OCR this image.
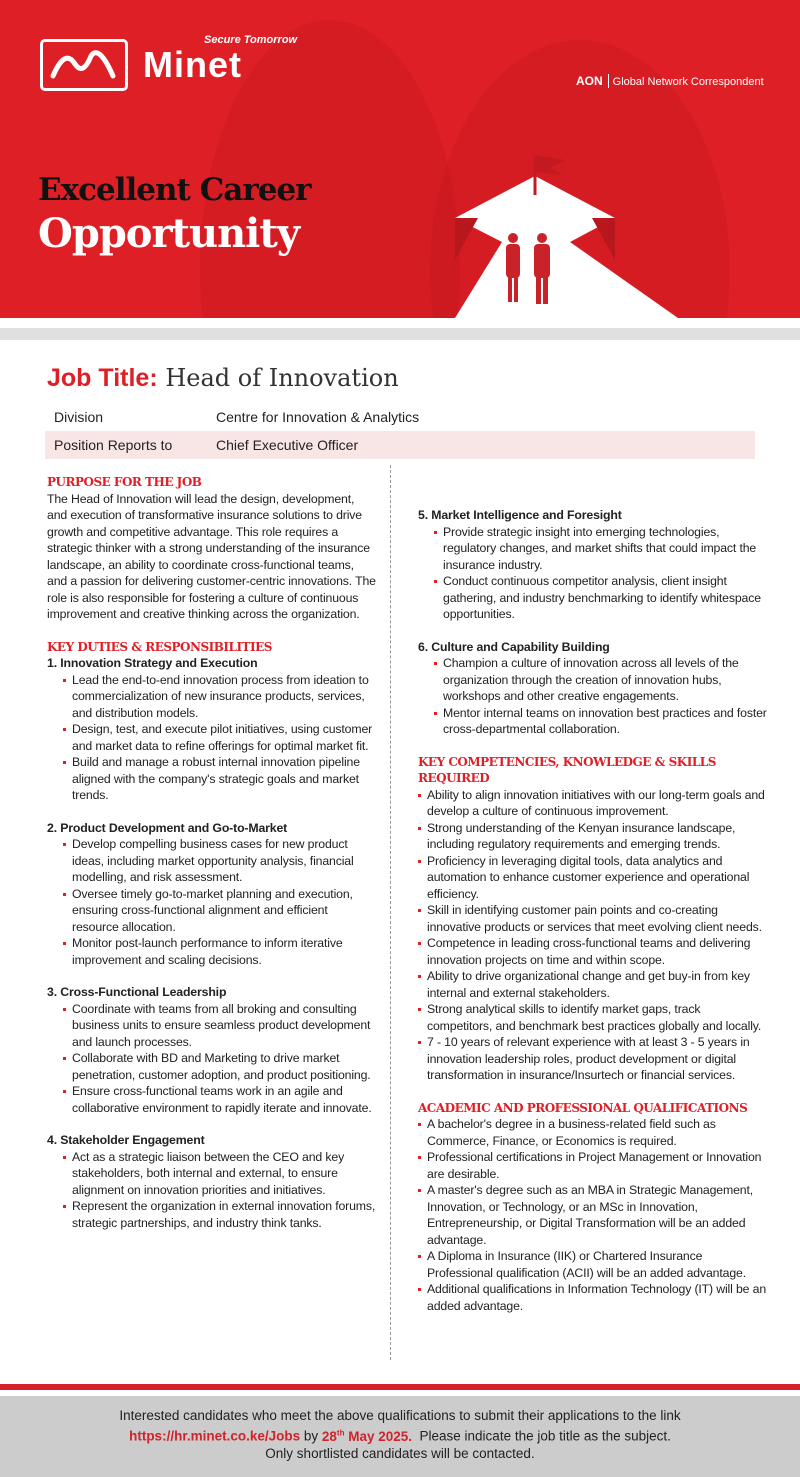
Secure Tomorrow
Minet	AON Global Network Correspondent
Excellent Career
Opportunity
Job Title: Head of Innovation
Division	Centre for Innovation & Analytics
Position Reports to	Chief Executive Officer
PURPOSE FOR THE JOB

The Head of Innovation will lead the design, development, and execution of transformative insurance solutions to drive growth and competitive advantage. This role requires a strategic thinker with a strong understanding of the insurance landscape, an ability to coordinate cross-functional teams, and a passion for delivering customer-centric innovations. The role is also responsible for fostering a culture of continuous improvement and creative thinking across the organization.

KEY DUTIES & RESPONSIBILITIES
1. Innovation Strategy and Execution
Lead the end-to-end innovation process from ideation to commercialization of new insurance products, services, and distribution models.
Design, test, and execute pilot initiatives, using customer and market data to refine offerings for optimal market fit.
Build and manage a robust internal innovation pipeline aligned with the company's strategic goals and market trends.
2. Product Development and Go-to-Market
Develop compelling business cases for new product ideas, including market opportunity analysis, financial modelling, and risk assessment.
Oversee timely go-to-market planning and execution, ensuring cross-functional alignment and efficient resource allocation.
Monitor post-launch performance to inform iterative improvement and scaling decisions.
3. Cross-Functional Leadership
Coordinate with teams from all broking and consulting business units to ensure seamless product development and launch processes.
Collaborate with BD and Marketing to drive market penetration, customer adoption, and product positioning.
Ensure cross-functional teams work in an agile and collaborative environment to rapidly iterate and innovate.
4. Stakeholder Engagement
Act as a strategic liaison between the CEO and key stakeholders, both internal and external, to ensure alignment on innovation priorities and initiatives.
Represent the organization in external innovation forums, strategic partnerships, and industry think tanks.
5. Market Intelligence and Foresight
Provide strategic insight into emerging technologies, regulatory changes, and market shifts that could impact the insurance industry.
Conduct continuous competitor analysis, client insight gathering, and industry benchmarking to identify whitespace opportunities.
6. Culture and Capability Building
Champion a culture of innovation across all levels of the organization through the creation of innovation hubs, workshops and other creative engagements.
Mentor internal teams on innovation best practices and foster cross-departmental collaboration.
KEY COMPETENCIES, KNOWLEDGE & SKILLS REQUIRED
Ability to align innovation initiatives with our long-term goals and develop a culture of continuous improvement.
Strong understanding of the Kenyan insurance landscape, including regulatory requirements and emerging trends.
Proficiency in leveraging digital tools, data analytics and automation to enhance customer experience and operational efficiency.
Skill in identifying customer pain points and co-creating innovative products or services that meet evolving client needs.
Competence in leading cross-functional teams and delivering innovation projects on time and within scope.
Ability to drive organizational change and get buy-in from key internal and external stakeholders.
Strong analytical skills to identify market gaps, track competitors, and benchmark best practices globally and locally.
7 - 10 years of relevant experience with at least 3 - 5 years in innovation leadership roles, product development or digital transformation in insurance/Insurtech or financial services.
ACADEMIC AND PROFESSIONAL QUALIFICATIONS
A bachelor's degree in a business-related field such as Commerce, Finance, or Economics is required.
Professional certifications in Project Management or Innovation are desirable.
A master's degree such as an MBA in Strategic Management, Innovation, or Technology, or an MSc in Innovation, Entrepreneurship, or Digital Transformation will be an added advantage.
A Diploma in Insurance (IIK) or Chartered Insurance Professional qualification (ACII) will be an added advantage.
Additional qualifications in Information Technology (IT) will be an added advantage.
Interested candidates who meet the above qualifications to submit their applications to the link
https://hr.minet.co.ke/Jobs by 28th May 2025.  Please indicate the job title as the subject.
Only shortlisted candidates will be contacted.
